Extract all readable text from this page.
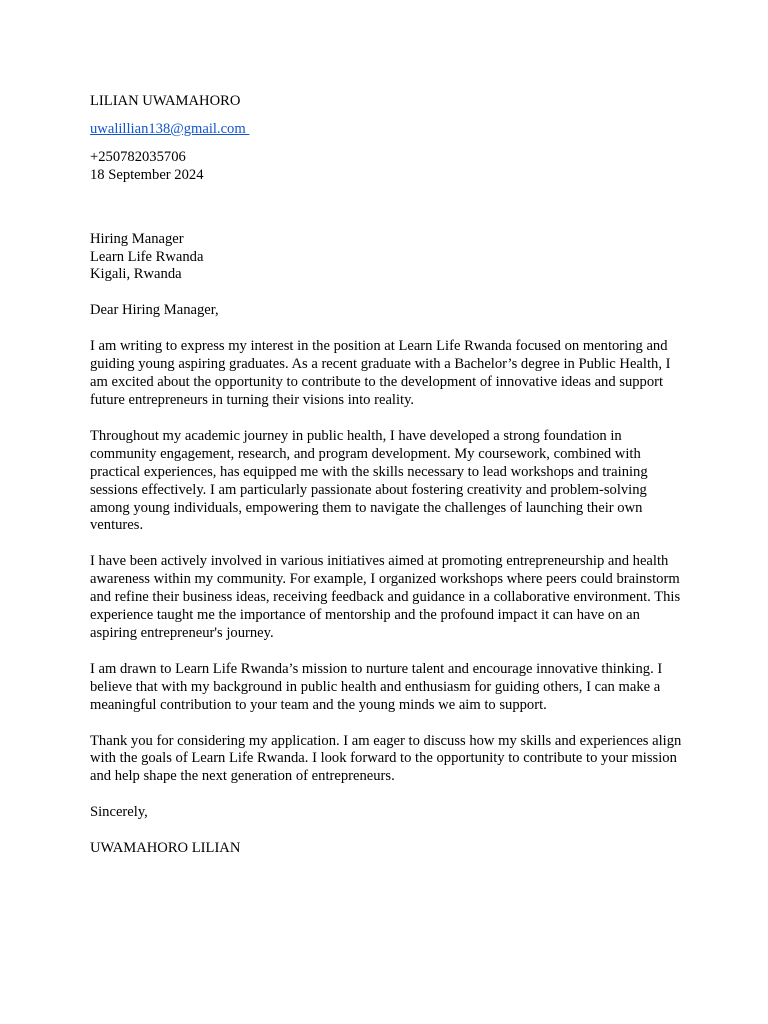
LILIAN UWAMAHORO
uwalillian138@gmail.com
+250782035706
18 September 2024
Hiring Manager
Learn Life Rwanda
Kigali, Rwanda
Dear Hiring Manager,

I am writing to express my interest in the position at Learn Life Rwanda focused on mentoring and guiding young aspiring graduates. As a recent graduate with a Bachelor’s degree in Public Health, I am excited about the opportunity to contribute to the development of innovative ideas and support future entrepreneurs in turning their visions into reality.

Throughout my academic journey in public health, I have developed a strong foundation in community engagement, research, and program development. My coursework, combined with practical experiences, has equipped me with the skills necessary to lead workshops and training sessions effectively. I am particularly passionate about fostering creativity and problem-solving among young individuals, empowering them to navigate the challenges of launching their own ventures.

I have been actively involved in various initiatives aimed at promoting entrepreneurship and health awareness within my community. For example, I organized workshops where peers could brainstorm and refine their business ideas, receiving feedback and guidance in a collaborative environment. This experience taught me the importance of mentorship and the profound impact it can have on an aspiring entrepreneur's journey.

I am drawn to Learn Life Rwanda’s mission to nurture talent and encourage innovative thinking. I believe that with my background in public health and enthusiasm for guiding others, I can make a meaningful contribution to your team and the young minds we aim to support.

Thank you for considering my application. I am eager to discuss how my skills and experiences align with the goals of Learn Life Rwanda. I look forward to the opportunity to contribute to your mission and help shape the next generation of entrepreneurs.

Sincerely,
UWAMAHORO LILIAN
